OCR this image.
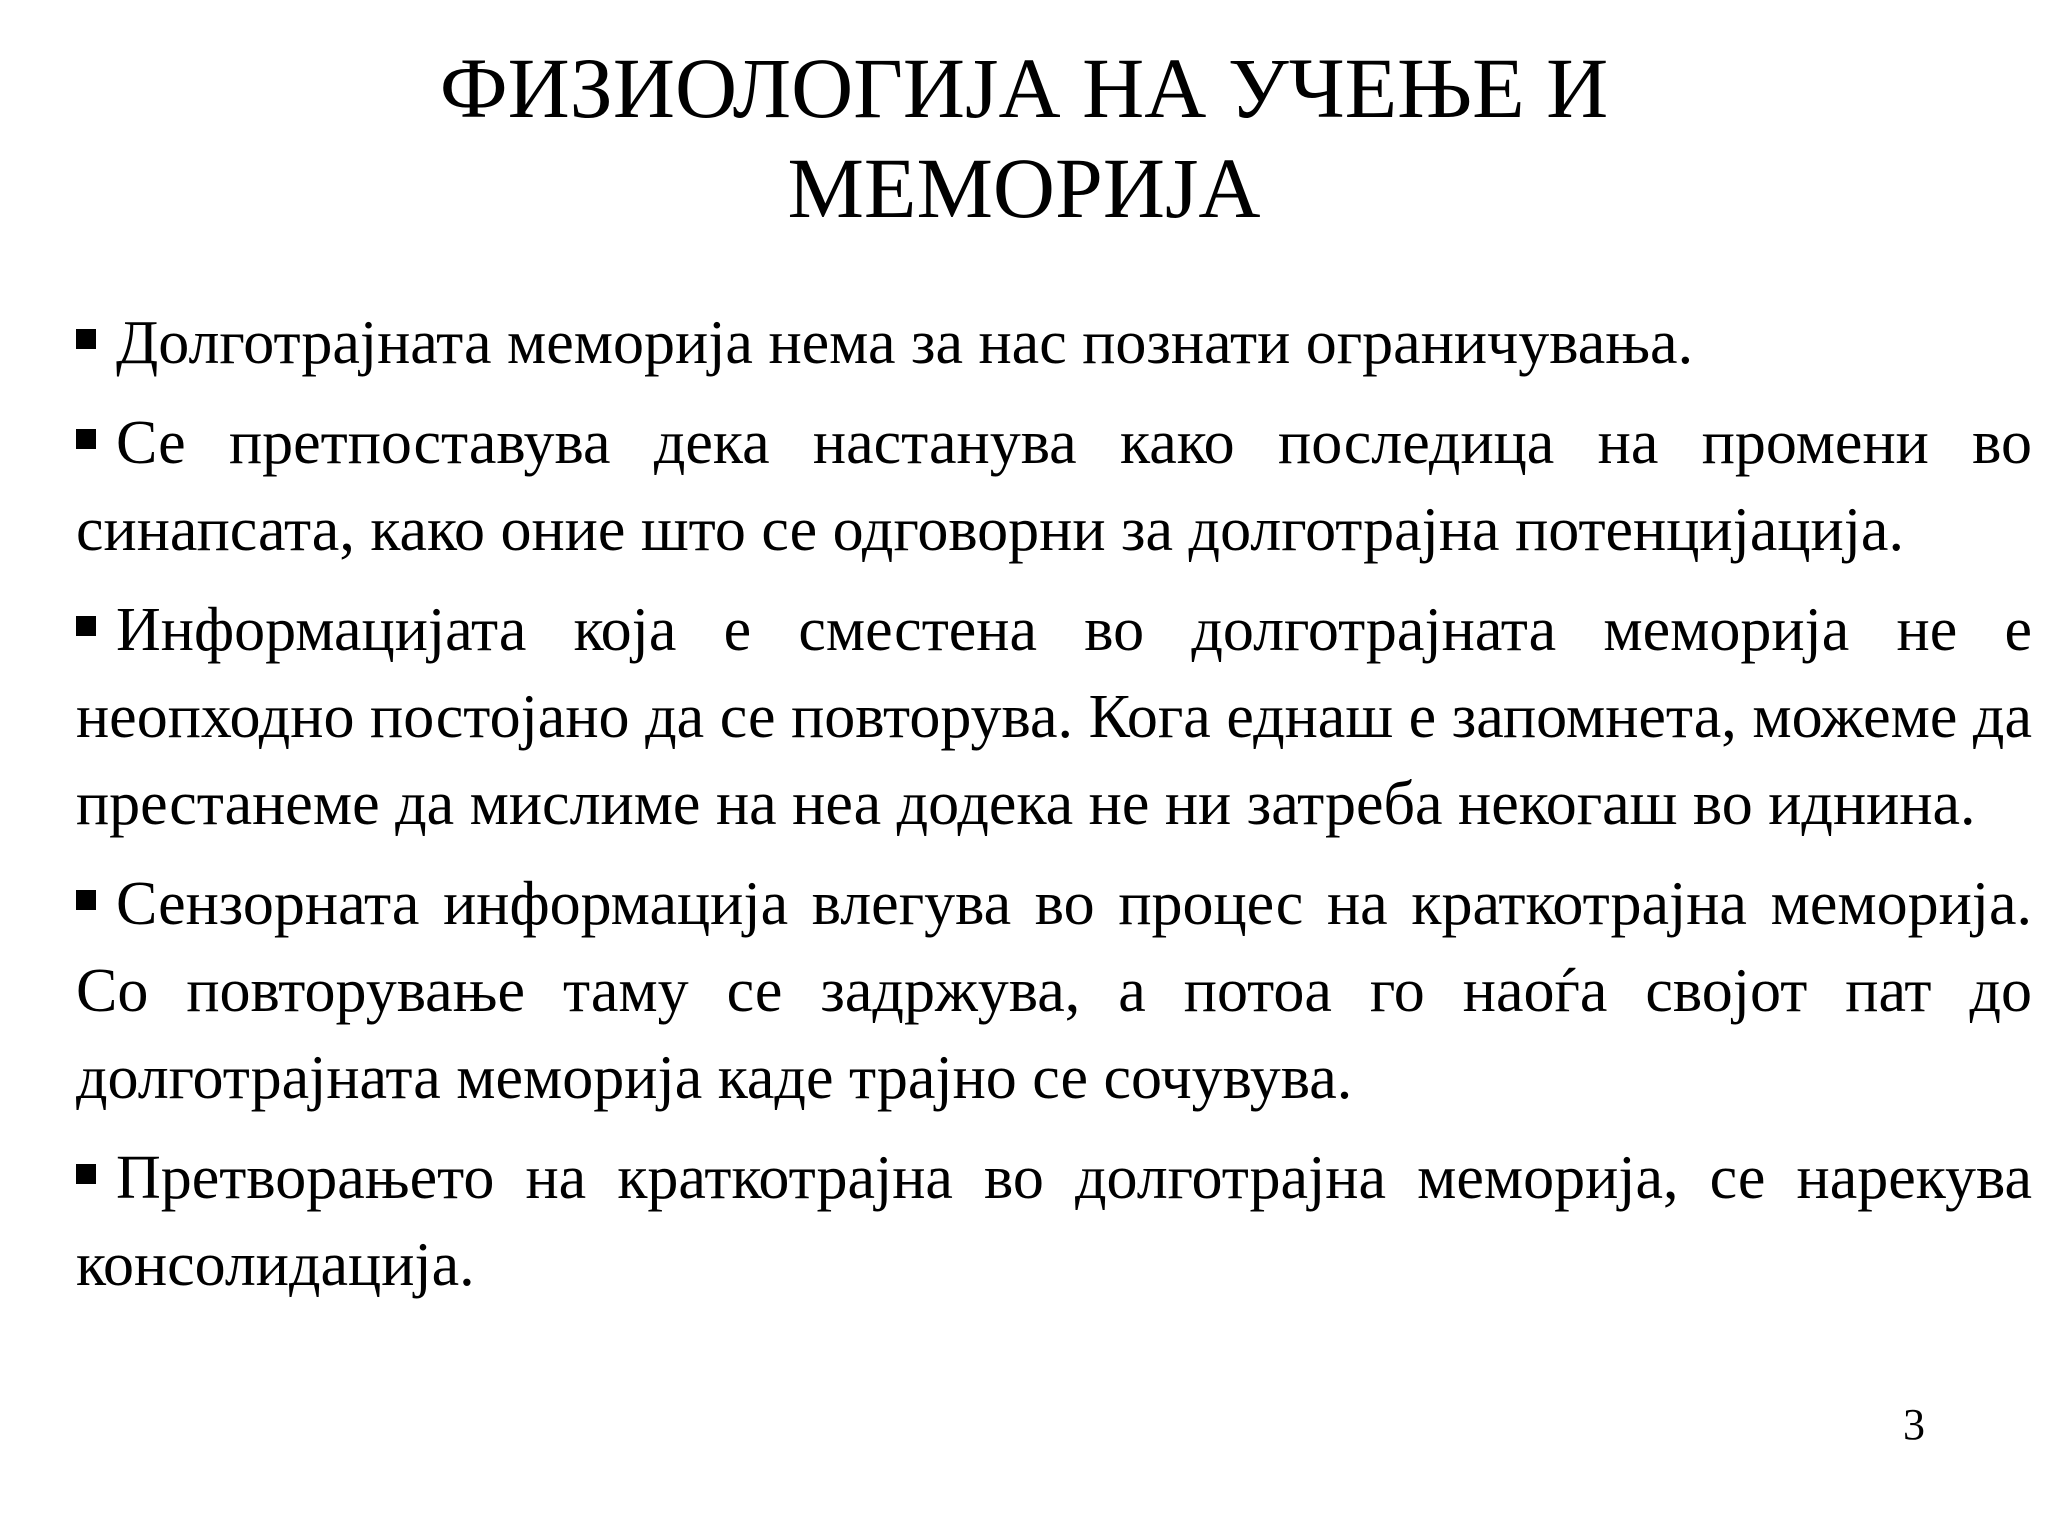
ФИЗИОЛОГИЈА НА УЧЕЊЕ И
МЕМОРИЈА

Долготрајната меморија нема за нас познати ограничувања.

Се претпоставува дека настанува како последица на промени во синапсата, како оние што се одговорни за долготрајна потенцијација.

Информацијата која е сместена во долготрајната меморија не е неопходно постојано да се повторува. Кога еднаш е запомнета, можеме да престанеме да мислиме на неа додека не ни затреба некогаш во иднина.

Сензорната информација влегува во процес на краткотрајна меморија. Со повторување таму се задржува, а потоа го наоѓа својот пат до долготрајната меморија каде трајно се сочувува.

Претворањето на краткотрајна во долготрајна меморија, се нарекува консолидација.

3
